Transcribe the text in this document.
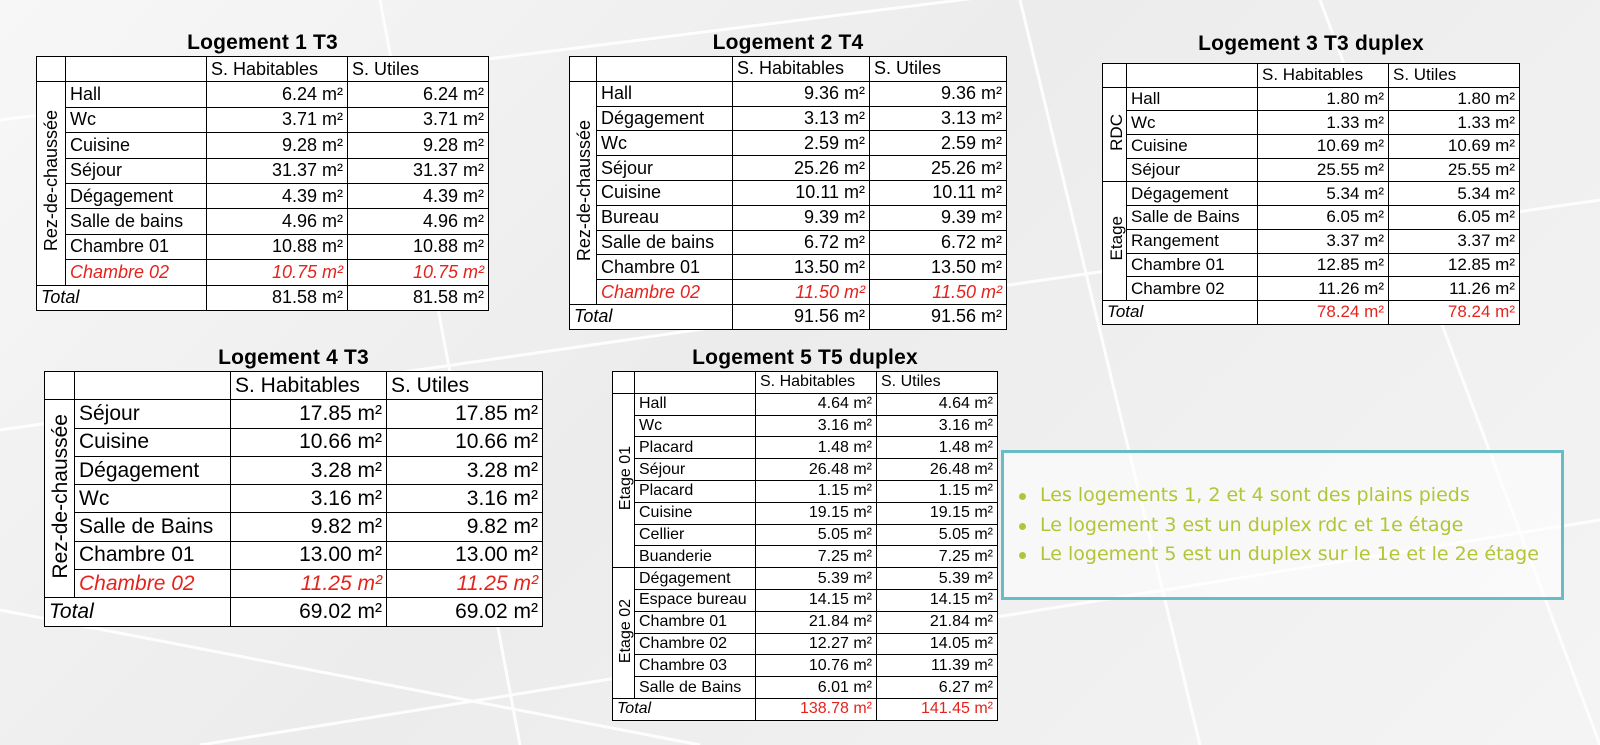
Logement 1 T3
		S. Habitables	S. Utiles
Rez-de-chaussée	Hall	6.24 m²	6.24 m²
	Wc	3.71 m²	3.71 m²
	Cuisine	9.28 m²	9.28 m²
	Séjour	31.37 m²	31.37 m²
	Dégagement	4.39 m²	4.39 m²
	Salle de bains	4.96 m²	4.96 m²
	Chambre 01	10.88 m²	10.88 m²
	Chambre 02	10.75 m²	10.75 m²
Total		81.58 m²	81.58 m²
Logement 2 T4
		S. Habitables	S. Utiles
Rez-de-chaussée	Hall	9.36 m²	9.36 m²
	Dégagement	3.13 m²	3.13 m²
	Wc	2.59 m²	2.59 m²
	Séjour	25.26 m²	25.26 m²
	Cuisine	10.11 m²	10.11 m²
	Bureau	9.39 m²	9.39 m²
	Salle de bains	6.72 m²	6.72 m²
	Chambre 01	13.50 m²	13.50 m²
	Chambre 02	11.50 m²	11.50 m²
Total		91.56 m²	91.56 m²
Logement 3 T3 duplex
		S. Habitables	S. Utiles
RDC	Hall	1.80 m²	1.80 m²
	Wc	1.33 m²	1.33 m²
	Cuisine	10.69 m²	10.69 m²
	Séjour	25.55 m²	25.55 m²
Etage	Dégagement	5.34 m²	5.34 m²
	Salle de Bains	6.05 m²	6.05 m²
	Rangement	3.37 m²	3.37 m²
	Chambre 01	12.85 m²	12.85 m²
	Chambre 02	11.26 m²	11.26 m²
Total		78.24 m²	78.24 m²
Logement 4 T3
		S. Habitables	S. Utiles
Rez-de-chaussée	Séjour	17.85 m²	17.85 m²
	Cuisine	10.66 m²	10.66 m²
	Dégagement	3.28 m²	3.28 m²
	Wc	3.16 m²	3.16 m²
	Salle de Bains	9.82 m²	9.82 m²
	Chambre 01	13.00 m²	13.00 m²
	Chambre 02	11.25 m²	11.25 m²
Total		69.02 m²	69.02 m²
Logement 5 T5 duplex
		S. Habitables	S. Utiles
Etage 01	Hall	4.64 m²	4.64 m²
	Wc	3.16 m²	3.16 m²
	Placard	1.48 m²	1.48 m²
	Séjour	26.48 m²	26.48 m²
	Placard	1.15 m²	1.15 m²
	Cuisine	19.15 m²	19.15 m²
	Cellier	5.05 m²	5.05 m²
	Buanderie	7.25 m²	7.25 m²
Etage 02	Dégagement	5.39 m²	5.39 m²
	Espace bureau	14.15 m²	14.15 m²
	Chambre 01	21.84 m²	21.84 m²
	Chambre 02	12.27 m²	14.05 m²
	Chambre 03	10.76 m²	11.39 m²
	Salle de Bains	6.01 m²	6.27 m²
Total		138.78 m²	141.45 m²
Les logements 1, 2 et 4 sont des plains pieds
Le logement 3 est un duplex rdc et 1e étage
Le logement 5 est un duplex sur le 1e et le 2e étage
